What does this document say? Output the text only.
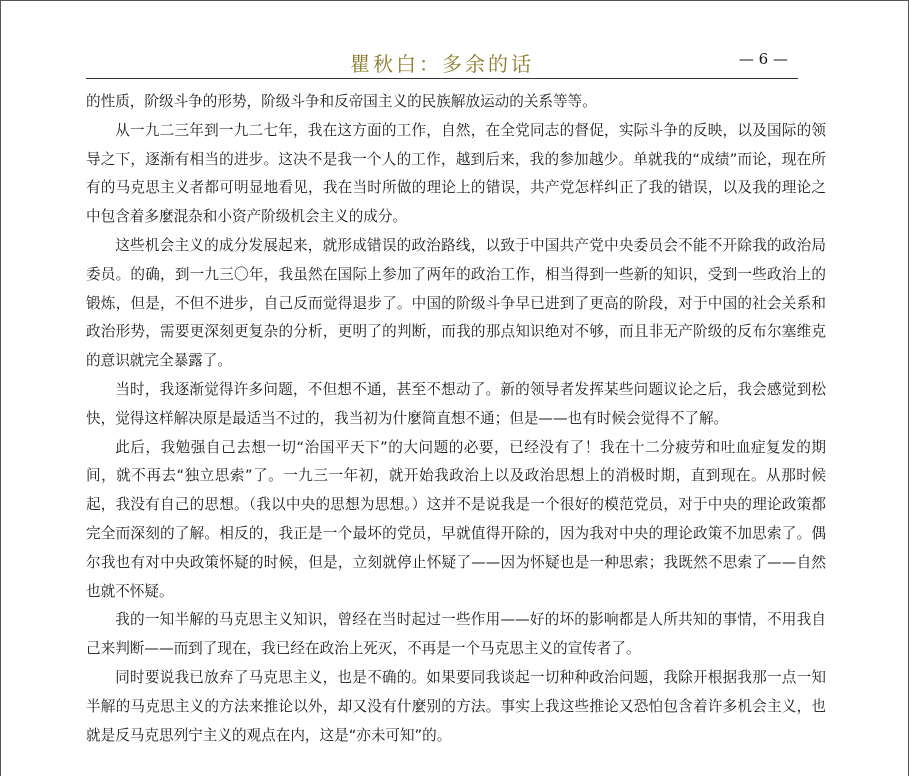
瞿秋白：多余的话	— 6 —

的性质，阶级斗争的形势，阶级斗争和反帝国主义的民族解放运动的关系等等。

从一九二三年到一九二七年，我在这方面的工作，自然，在全党同志的督促，实际斗争的反映，以及国际的领导之下，逐渐有相当的进步。这决不是我一个人的工作，越到后来，我的参加越少。单就我的“成绩”而论，现在所有的马克思主义者都可明显地看见，我在当时所做的理论上的错误，共产党怎样纠正了我的错误，以及我的理论之中包含着多麼混杂和小资产阶级机会主义的成分。

这些机会主义的成分发展起来，就形成错误的政治路线，以致于中国共产党中央委员会不能不开除我的政治局委员。的确，到一九三〇年，我虽然在国际上参加了两年的政治工作，相当得到一些新的知识，受到一些政治上的锻炼，但是，不但不进步，自己反而觉得退步了。中国的阶级斗争早已进到了更高的阶段，对于中国的社会关系和政治形势，需要更深刻更复杂的分析，更明了的判断，而我的那点知识绝对不够，而且非无产阶级的反布尔塞维克的意识就完全暴露了。

当时，我逐渐觉得许多问题，不但想不通，甚至不想动了。新的领导者发挥某些问题议论之后，我会感觉到松快，觉得这样解决原是最适当不过的，我当初为什麼简直想不通；但是——也有时候会觉得不了解。

此后，我勉强自己去想一切“治国平天下”的大问题的必要，已经没有了！我在十二分疲劳和吐血症复发的期间，就不再去“独立思索”了。一九三一年初，就开始我政治上以及政治思想上的消极时期，直到现在。从那时候起，我没有自己的思想。（我以中央的思想为思想。）这并不是说我是一个很好的模范党员，对于中央的理论政策都完全而深刻的了解。相反的，我正是一个最坏的党员，早就值得开除的，因为我对中央的理论政策不加思索了。偶尔我也有对中央政策怀疑的时候，但是，立刻就停止怀疑了——因为怀疑也是一种思索；我既然不思索了——自然也就不怀疑。

我的一知半解的马克思主义知识，曾经在当时起过一些作用——好的坏的影响都是人所共知的事情，不用我自己来判断——而到了现在，我已经在政治上死灭，不再是一个马克思主义的宣传者了。

同时要说我已放弃了马克思主义，也是不确的。如果要同我谈起一切种种政治问题，我除开根据我那一点一知半解的马克思主义的方法来推论以外，却又没有什麼别的方法。事实上我这些推论又恐怕包含着许多机会主义，也就是反马克思列宁主义的观点在内，这是“亦未可知”的。
